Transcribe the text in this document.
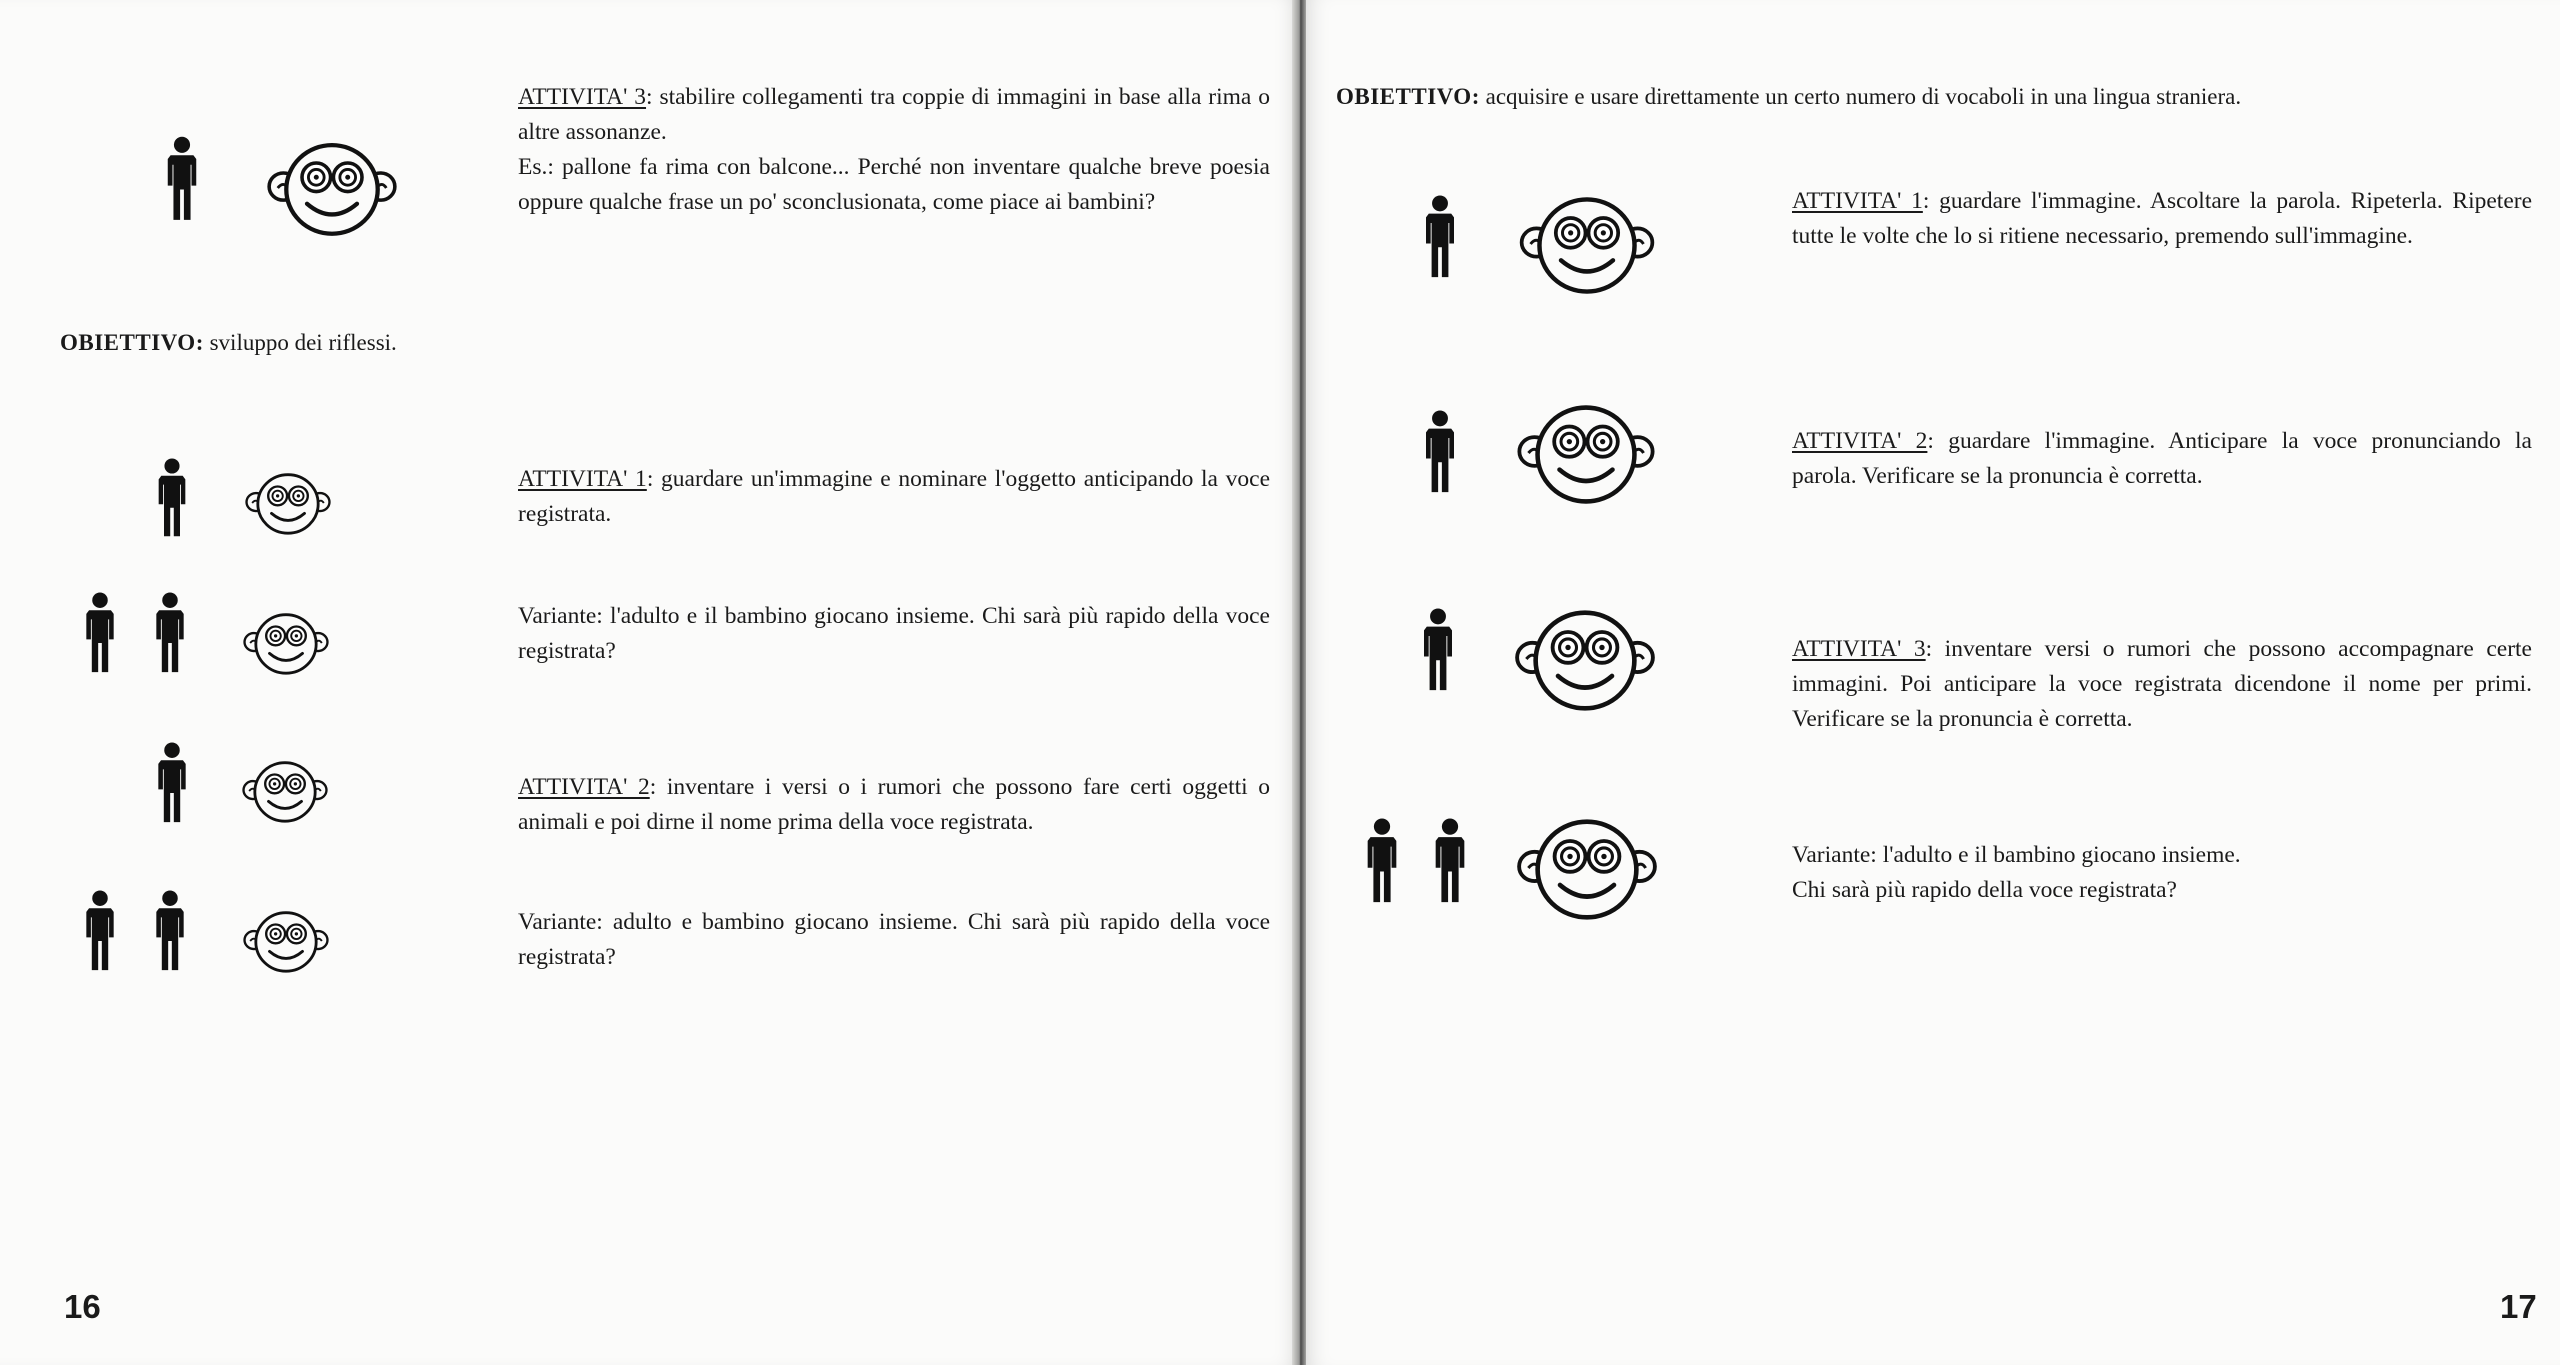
ATTIVITA' 3: stabilire collegamenti tra coppie di immagini in base alla rima o altre assonanze.
Es.: pallone fa rima con balcone... Perché non inventare qualche breve poesia oppure qualche frase un po' sconclusionata, come piace ai bambini?
OBIETTIVO: sviluppo dei riflessi.
ATTIVITA' 1: guardare un'immagine e nominare l'oggetto anticipando la voce registrata.
Variante: l'adulto e il bambino giocano insieme. Chi sarà più rapido della voce registrata?
ATTIVITA' 2: inventare i versi o i rumori che possono fare certi oggetti o animali e poi dirne il nome prima della voce registrata.
Variante: adulto e bambino giocano insieme. Chi sarà più rapido della voce registrata?
16
OBIETTIVO: acquisire e usare direttamente un certo numero di vocaboli in una lingua straniera.
ATTIVITA' 1: guardare l'immagine. Ascoltare la parola. Ripeterla. Ripetere tutte le volte che lo si ritiene necessario, premendo sull'immagine.
ATTIVITA' 2: guardare l'immagine. Anticipare la voce pronunciando la parola. Verificare se la pronuncia è corretta.
ATTIVITA' 3: inventare versi o rumori che possono accompagnare certe immagini. Poi anticipare la voce registrata dicendone il nome per primi. Verificare se la pronuncia è corretta.
Variante: l'adulto e il bambino giocano insieme.
Chi sarà più rapido della voce registrata?
17
